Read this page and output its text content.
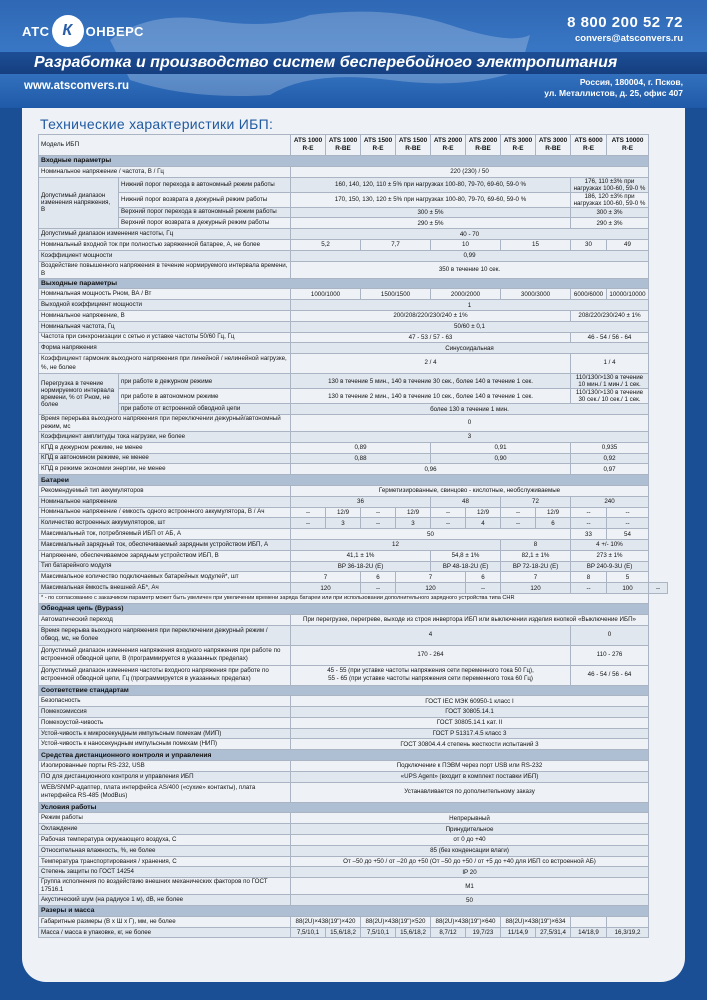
АТС К ОНВЕРС	8 800 200 52 72
convers@atsconvers.ru
Разработка и производство систем бесперебойного электропитания
www.atsconvers.ru	Россия, 180004, г. Псков,
ул. Металлистов, д. 25, офис 407
Технические характеристики ИБП:
Модель ИБП		ATS 1000 R-E	ATS 1000 R-BE	ATS 1500 R-E	ATS 1500 R-BE	ATS 2000 R-E	ATS 2000 R-BE	ATS 3000 R-E	ATS 3000 R-BE	ATS 6000 R-E	ATS 10000 R-E	
Входные параметры												
Номинальное напряжение / частота, В / Гц		220 (230) / 50										
Допустимый диапазон изменения напряжения, В	Нижний порог перехода в автономный режим работы	160, 140, 120, 110 ± 5% при нагрузках 100-80, 79-70, 69-60, 59-0 %								176, 110 ±3% при нагрузках 100-60, 59-0 %		
	Нижний порог возврата в дежурный режим работы	170, 150, 130, 120 ± 5% при нагрузках 100-80, 79-70, 69-60, 59-0 %								186, 120 ±3% при нагрузках 100-60, 59-0 %		
	Верхний порог перехода в автономный режим работы	300 ± 5%								300 ± 3%		
	Верхний порог возврата в дежурный режим работы	290 ± 5%								290 ± 3%		
Допустимый диапазон изменения частоты, Гц		40 - 70										
Номинальный входной ток при полностью заряженной батарее, А, не более		5,2		7,7		10		15		30	49	
Коэффициент мощности		0,99										
Воздействие повышенного напряжения в течение нормируемого интервала времени, В		350 в течение 10 сек.										
Выходные параметры												
Номинальная мощность Pном, ВА / Вт		1000/1000		1500/1500		2000/2000		3000/3000		6000/6000	10000/10000	
Выходной коэффициент мощности		1										
Номинальное напряжение, В		200/208/220/230/240 ± 1%								208/220/230/240 ± 1%		
Номинальная частота, Гц		50/60 ± 0,1										
Частота при синхронизации с сетью и уставке частоты 50/60 Гц, Гц		47 - 53 / 57 - 63								46 - 54 / 56 - 64		
Форма напряжения		Синусоидальная										
Коэффициент гармоник выходного напряжения при линейной / нелинейной нагрузке, %, не более		2 / 4								1 / 4		
Перегрузка в течение нормируемого интервала времени, % от Pном, не более	при работе в дежурном режиме	130 в течение 5 мин., 140 в течение 30 сек., более 140 в течение 1 сек.								110/130/>130 в течение 10 мин./ 1 мин./ 1 сек.		
	при работе в автономном режиме	130 в течение 2 мин., 140 в течение 10 сек., более 140 в течение 1 сек.								110/130/>130 в течение 30 сек./ 10 сек./ 1 сек.		
	при работе от встроенной обводной цепи	более 130 в течение 1 мин.										
Время перерыва выходного напряжения при переключении дежурный/автономный режим, мс		0										
Коэффициент амплитуды тока нагрузки, не более		3										
КПД в дежурном режиме, не менее		0,89				0,91				0,935		
КПД в автономном режиме, не менее		0,88				0,90				0,92		
КПД в режиме экономии энергии, не менее		0,96								0,97		
Батареи												
Рекомендуемый тип аккумуляторов		Герметизированные, свинцово - кислотные, необслуживаемые										
Номинальное напряжение		36				48		72		240		
Номинальное напряжение / емкость одного встроенного аккумулятора, В / Ач		--	12/9	--	12/9	--	12/9	--	12/9	--	--	
Количество встроенных аккумуляторов, шт		--	3	--	3	--	4	--	6	--	--	
Максимальный ток, потребляемый ИБП от АБ, А		50								33	54	
Максимальный зарядный ток, обеспечиваемый зарядным устройством ИБП, А		12						8		4 +/- 10%		
Напряжение, обеспечиваемое зарядным устройством ИБП, В		41,1 ± 1%				54,8 ± 1%		82,1 ± 1%		273 ± 1%		
Тип батарейного модуля		BP 36-18-2U (E)				BP 48-18-2U (E)		BP 72-18-2U (E)		BP 240-9-3U (E)		
Максимальное количество подключаемых батарейных модулей*, шт		7		6	7		6	7		8	5	
Максимальная ёмкость внешней АБ*, Ач		120		--	120		--	120		--	100	--
* - по согласованию с заказчиком параметр может быть увеличен при увеличении времени заряда батареи или при использовании дополнительного зарядного устройства типа CHR												
Обводная цепь (Bypass)												
Автоматический переход		При перегрузке, перегреве, выходе из строя инвертора ИБП или выключении изделия кнопкой «Выключение ИБП»										
Время перерыва выходного напряжения при переключении дежурный режим / обвод, мс, не более		4								0		
Допустимый диапазон изменения напряжения входного напряжения при работе по встроенной обводной цепи, В (программируется в указанных пределах)		170 - 264								110 - 276		
Допустимый диапазон изменения частоты входного напряжения при работе по встроенной обводной цепи, Гц (программируется в указанных пределах)		45 - 55 (при уставке частоты напряжения сети переменного тока 50 Гц),
55 - 65 (при уставке частоты напряжения сети переменного тока 60 Гц)								46 - 54 / 56 - 64		
Соответствие стандартам												
Безопасность		ГОСТ IEC МЭК 60950-1 класс I										
Помехоэмиссия		ГОСТ 30805.14.1										
Помехоустой-чивость		ГОСТ 30805.14.1 кат. II										
Устой-чивость к микросекундным импульсным помехам (МИП)		ГОСТ Р 51317.4.5 класс 3										
Устой-чивость к наносекундным импульсным помехам (НИП)		ГОСТ 30804.4.4 степень жесткости испытаний 3										
Средства дистанционного контроля и управления												
Изолированные порты RS-232, USB		Подключение к ПЭВМ через порт USB или RS-232										
ПО для дистанционного контроля и управления ИБП		«UPS Agent» (входит в комплект поставки ИБП)										
WEB/SNMP-адаптер, плата интерфейса AS/400 («сухие» контакты), плата интерфейса RS-485 (ModBus)		Устанавливается по дополнительному заказу										
Условия работы												
Режим работы		Непрерывный										
Охлаждение		Принудительное										
Рабочая температура окружающего воздуха, С		от 0 до +40										
Относительная влажность, %, не более		85 (без конденсации влаги)										
Температура транспортирования / хранения, С		От –50 до +50 / от –20 до +50 (От –50 до +50 / от +5 до +40 для ИБП со встроенной АБ)										
Степень защиты по ГОСТ 14254		IP 20										
Группа исполнения по воздействию внешних механических факторов по ГОСТ 17516.1		M1										
Акустический шум (на радиусе 1 м), dB, не более		50										
Разеры и масса												
Габаритные размеры (В х Ш х Г), мм, не более		88(2U)×438(19")×420		88(2U)×438(19")×520		88(2U)×438(19")×640		88(2U)×438(19")×634				
Масса / масса в упаковке, кг, не более		7,5/10,1	15,6/18,2	7,5/10,1	15,6/18,2	8,7/12	19,7/23	11/14,9	27,5/31,4	14/18,9	16,3/19,2	
